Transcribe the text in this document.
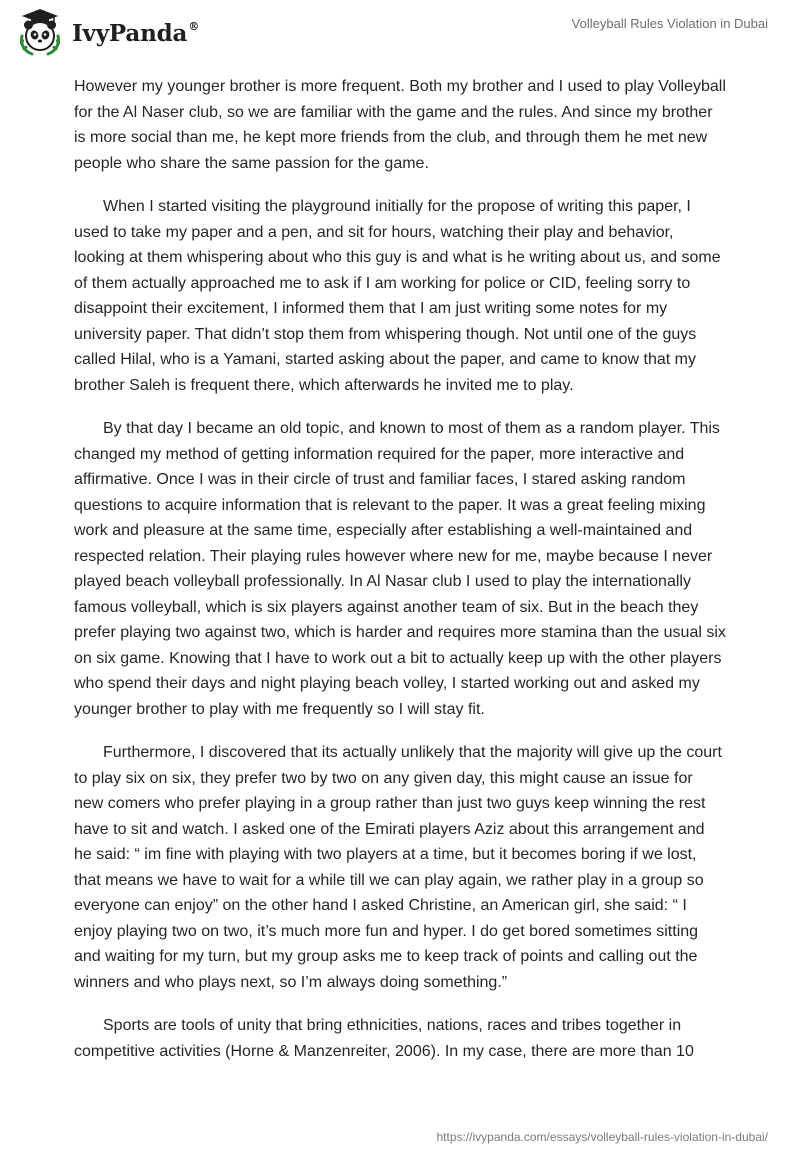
IvyPanda®	Volleyball Rules Violation in Dubai

However my younger brother is more frequent. Both my brother and I used to play Volleyball for the Al Naser club, so we are familiar with the game and the rules. And since my brother is more social than me, he kept more friends from the club, and through them he met new people who share the same passion for the game.

When I started visiting the playground initially for the propose of writing this paper, I used to take my paper and a pen, and sit for hours, watching their play and behavior, looking at them whispering about who this guy is and what is he writing about us, and some of them actually approached me to ask if I am working for police or CID, feeling sorry to disappoint their excitement, I informed them that I am just writing some notes for my university paper. That didn’t stop them from whispering though. Not until one of the guys called Hilal, who is a Yamani, started asking about the paper, and came to know that my brother Saleh is frequent there, which afterwards he invited me to play.

By that day I became an old topic, and known to most of them as a random player. This changed my method of getting information required for the paper, more interactive and affirmative. Once I was in their circle of trust and familiar faces, I stared asking random questions to acquire information that is relevant to the paper. It was a great feeling mixing work and pleasure at the same time, especially after establishing a well-maintained and respected relation. Their playing rules however where new for me, maybe because I never played beach volleyball professionally. In Al Nasar club I used to play the internationally famous volleyball, which is six players against another team of six. But in the beach they prefer playing two against two, which is harder and requires more stamina than the usual six on six game. Knowing that I have to work out a bit to actually keep up with the other players who spend their days and night playing beach volley, I started working out and asked my younger brother to play with me frequently so I will stay fit.

Furthermore, I discovered that its actually unlikely that the majority will give up the court to play six on six, they prefer two by two on any given day, this might cause an issue for new comers who prefer playing in a group rather than just two guys keep winning the rest have to sit and watch. I asked one of the Emirati players Aziz about this arrangement and he said: “ im fine with playing with two players at a time, but it becomes boring if we lost, that means we have to wait for a while till we can play again, we rather play in a group so everyone can enjoy” on the other hand I asked Christine, an American girl, she said: “ I enjoy playing two on two, it’s much more fun and hyper. I do get bored sometimes sitting and waiting for my turn, but my group asks me to keep track of points and calling out the winners and who plays next, so I’m always doing something.”

Sports are tools of unity that bring ethnicities, nations, races and tribes together in competitive activities (Horne & Manzenreiter, 2006). In my case, there are more than 10

https://ivypanda.com/essays/volleyball-rules-violation-in-dubai/
